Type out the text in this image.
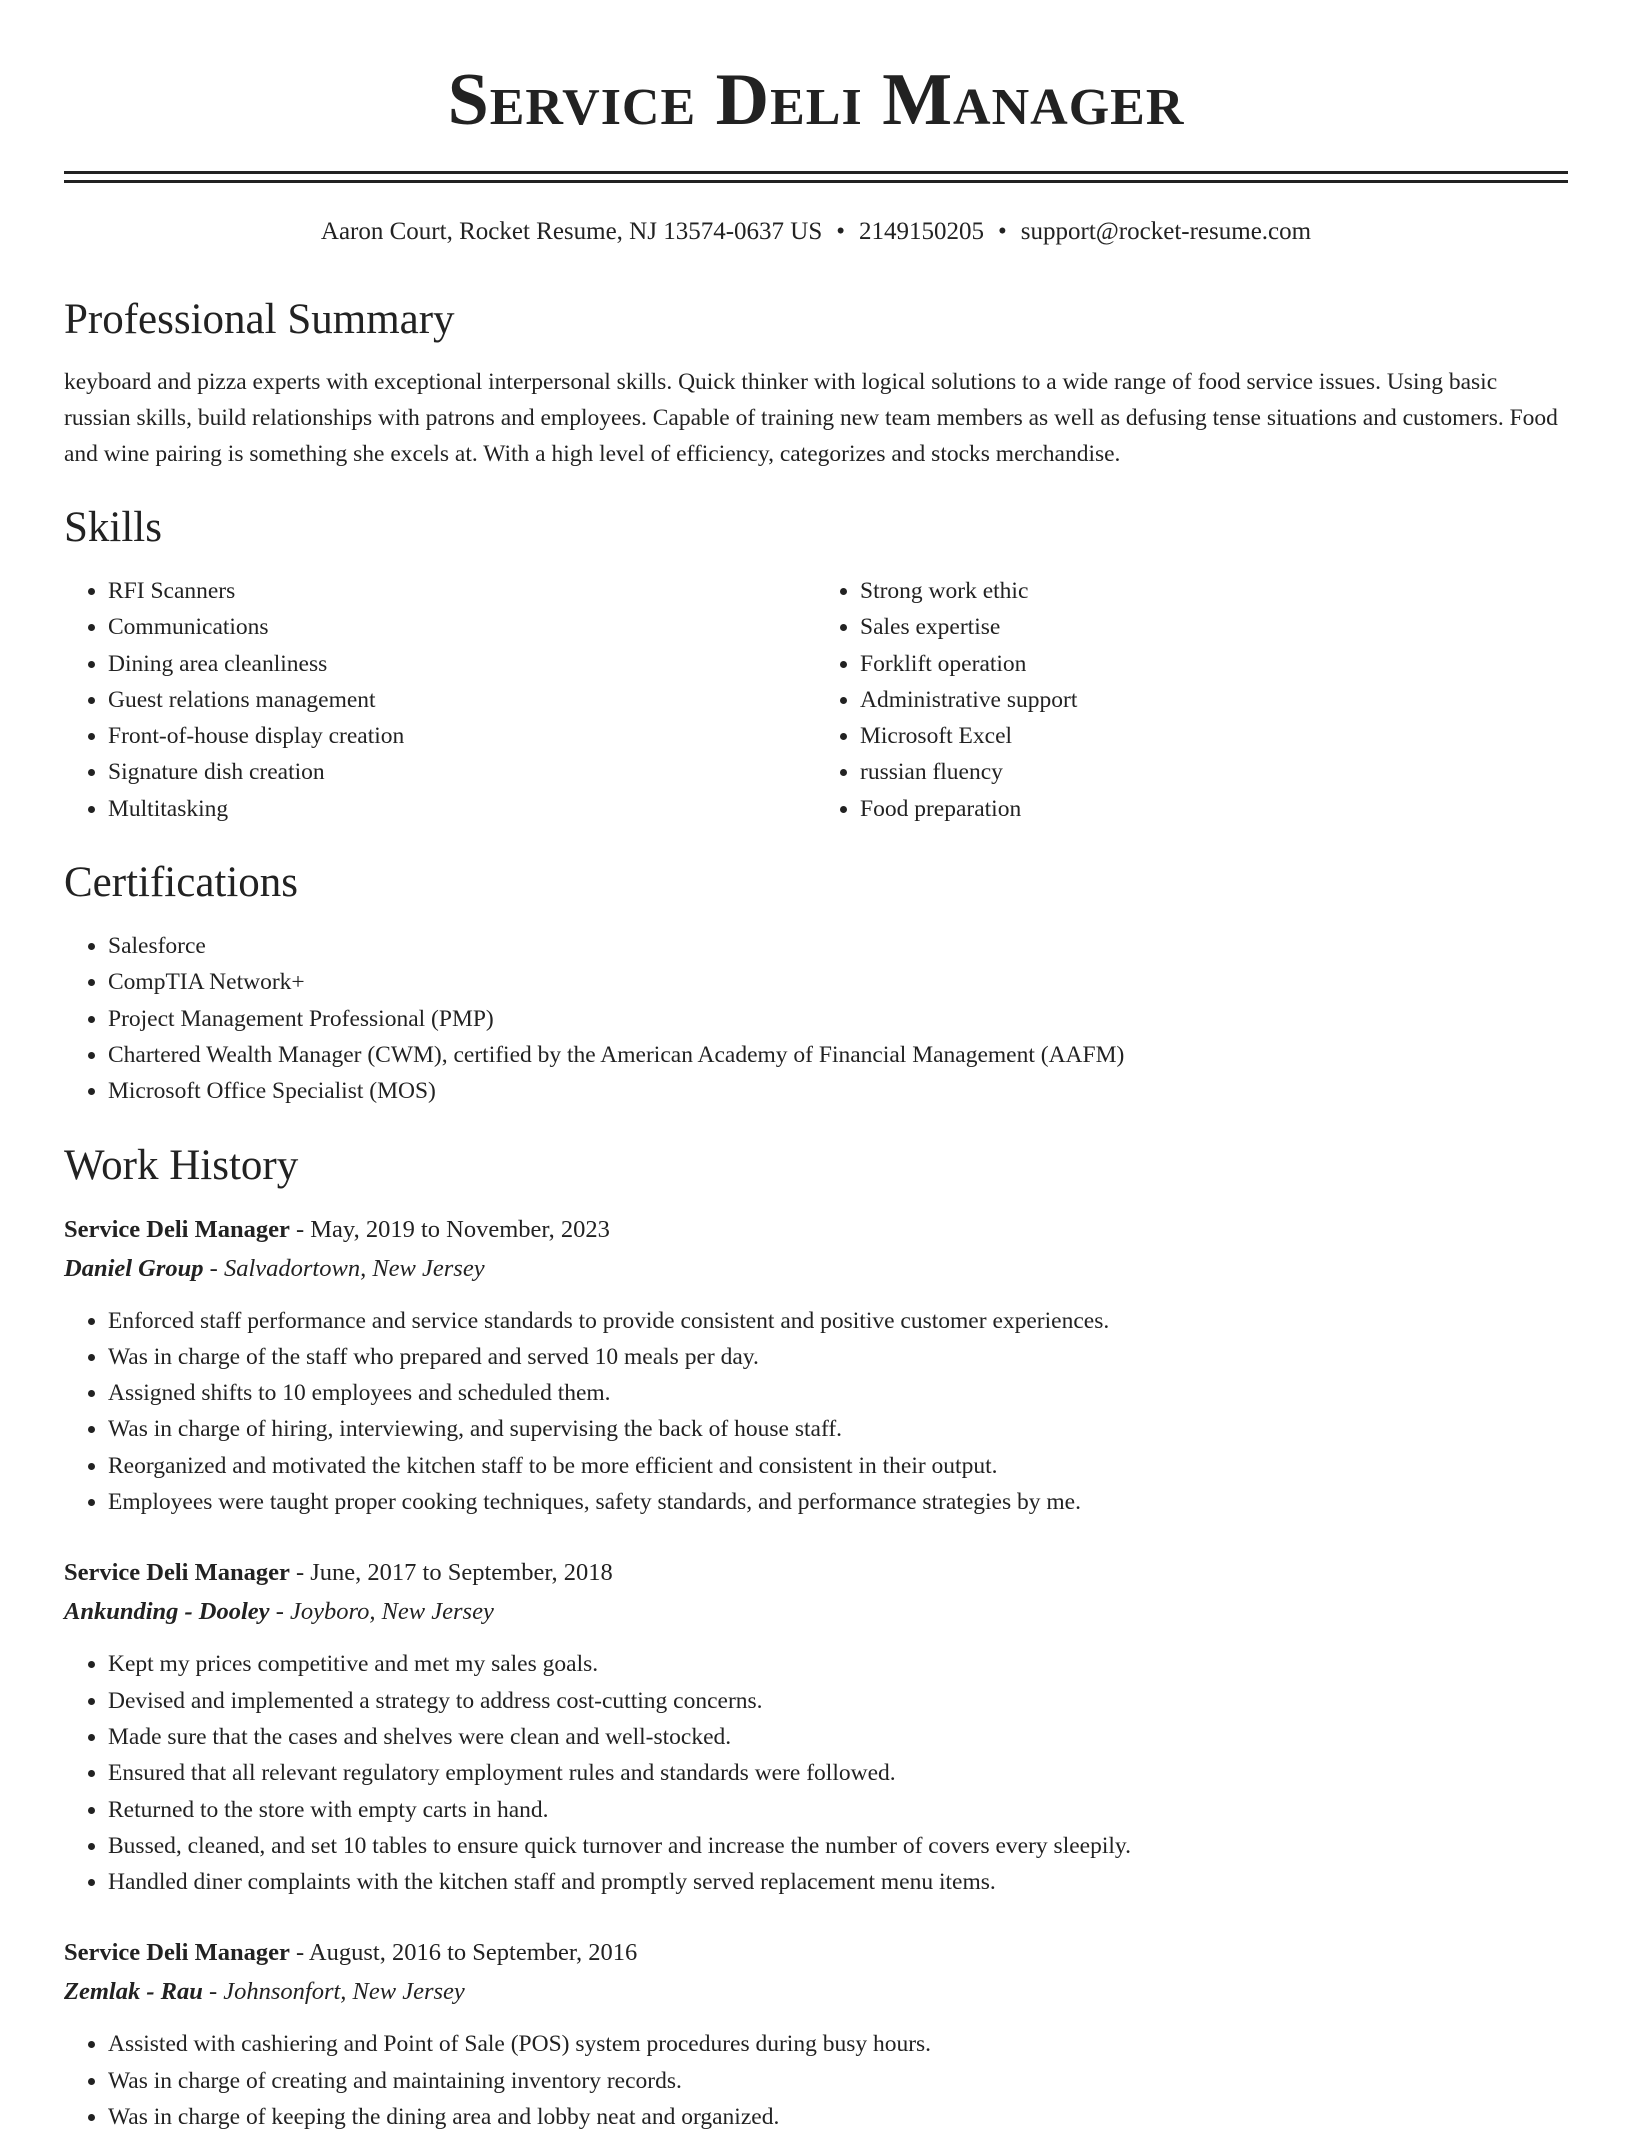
Service Deli Manager
Aaron Court, Rocket Resume, NJ 13574-0637 US • 2149150205 • support@rocket-resume.com
Professional Summary

keyboard and pizza experts with exceptional interpersonal skills. Quick thinker with logical solutions to a wide range of food service issues. Using basic russian skills, build relationships with patrons and employees. Capable of training new team members as well as defusing tense situations and customers. Food and wine pairing is something she excels at. With a high level of efficiency, categorizes and stocks merchandise.

Skills
• RFI Scanners
• Communications
• Dining area cleanliness
• Guest relations management
• Front-of-house display creation
• Signature dish creation
• Multitasking
• Strong work ethic
• Sales expertise
• Forklift operation
• Administrative support
• Microsoft Excel
• russian fluency
• Food preparation
Certifications
• Salesforce
• CompTIA Network+
• Project Management Professional (PMP)
• Chartered Wealth Manager (CWM), certified by the American Academy of Financial Management (AAFM)
• Microsoft Office Specialist (MOS)
Work History
Service Deli Manager - May, 2019 to November, 2023
Daniel Group - Salvadortown, New Jersey
• Enforced staff performance and service standards to provide consistent and positive customer experiences.
• Was in charge of the staff who prepared and served 10 meals per day.
• Assigned shifts to 10 employees and scheduled them.
• Was in charge of hiring, interviewing, and supervising the back of house staff.
• Reorganized and motivated the kitchen staff to be more efficient and consistent in their output.
• Employees were taught proper cooking techniques, safety standards, and performance strategies by me.
Service Deli Manager - June, 2017 to September, 2018
Ankunding - Dooley - Joyboro, New Jersey
• Kept my prices competitive and met my sales goals.
• Devised and implemented a strategy to address cost-cutting concerns.
• Made sure that the cases and shelves were clean and well-stocked.
• Ensured that all relevant regulatory employment rules and standards were followed.
• Returned to the store with empty carts in hand.
• Bussed, cleaned, and set 10 tables to ensure quick turnover and increase the number of covers every sleepily.
• Handled diner complaints with the kitchen staff and promptly served replacement menu items.
Service Deli Manager - August, 2016 to September, 2016
Zemlak - Rau - Johnsonfort, New Jersey
• Assisted with cashiering and Point of Sale (POS) system procedures during busy hours.
• Was in charge of creating and maintaining inventory records.
• Was in charge of keeping the dining area and lobby neat and organized.
